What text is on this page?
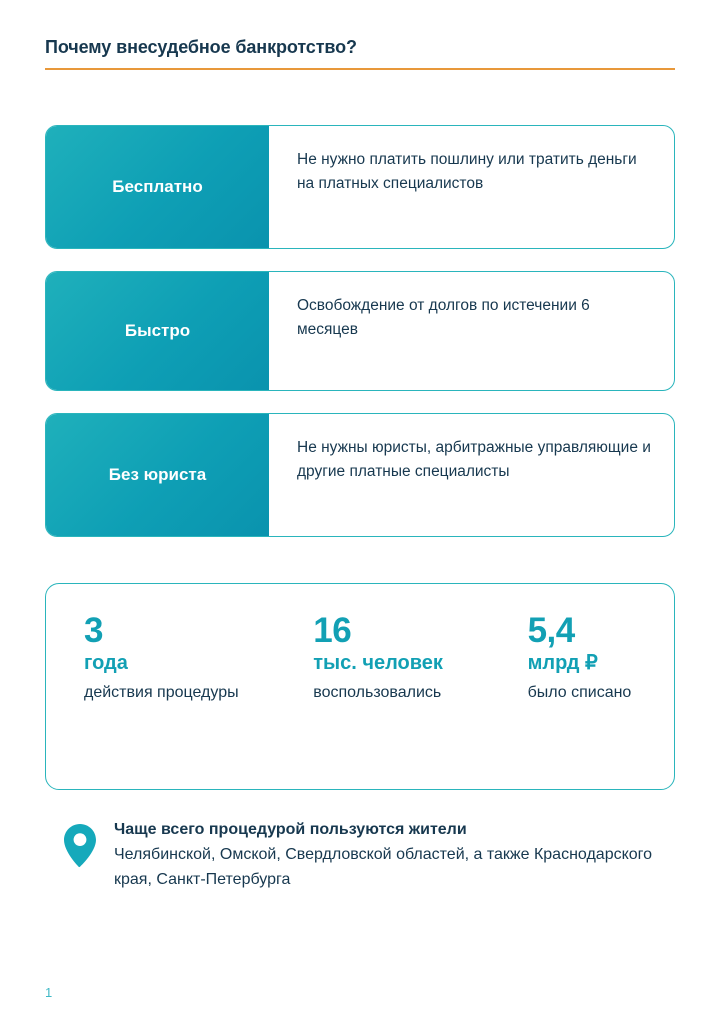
Почему внесудебное банкротство?
Бесплатно
Не нужно платить пошлину или тратить деньги на платных специалистов
Быстро
Освобождение от долгов по истечении 6 месяцев
Без юриста
Не нужны юристы, арбитражные управляющие и другие платные специалисты
3
года
действия процедуры
16
тыс. человек
воспользовались
5,4
млрд ₽
было списано
Чаще всего процедурой пользуются жители
Челябинской, Омской, Свердловской областей, а также Краснодарского края, Санкт-Петербурга
1
